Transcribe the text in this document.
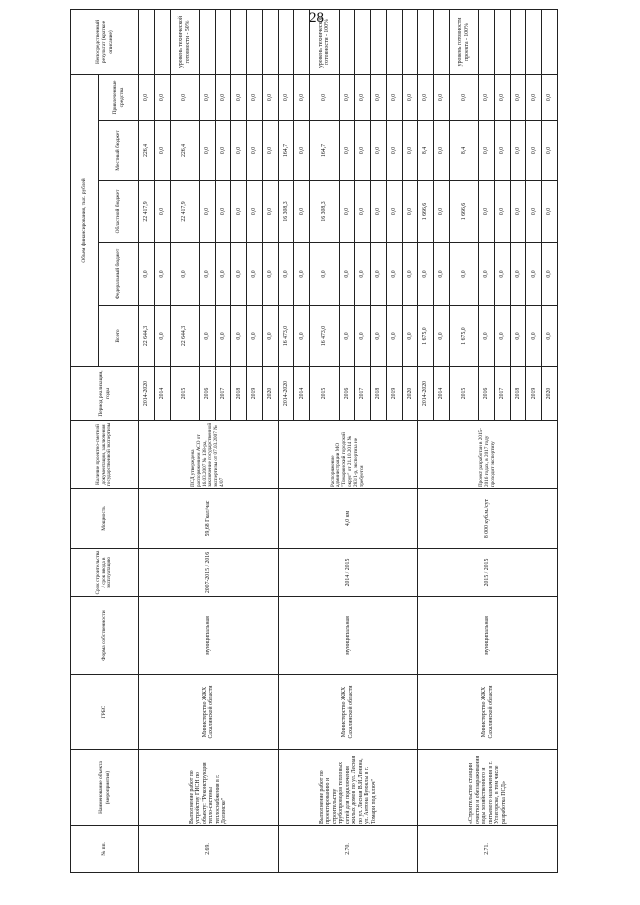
28
№ пп.	Наименование объекта (мероприятия)	ГРБС	Форма собственности	Срок строительства / срок ввода в эксплуатацию	Мощность	Наличие проектно-сметной документации, заключения государственной экспертизы	Период реализации, годы	Объем финансирования, тыс. рублей					Непосредственный результат (краткое описание)
								Всего	Федеральный бюджет	Областной бюджет	Местный бюджет	Привлеченные средства	
2.69.	Выполнение работ по устройству ГИСН по объекту: "Реконструкция тепло-системы теплоснабжения в г. Долинске"	Министерство ЖКХ Сахалинской области	муниципальная	2007-2015 / 2016	59,68 Гкал/час	ПСД утверждена распоряжением АСО от 16.03.2007 № 138-ра, заключение государственной экспертизы от 07.03.2007 № 4/07	2014-2020	22 644,3	0,0	22 417,9	226,4	0,0	
							2014	0,0	0,0	0,0	0,0	0,0	
							2015	22 644,3	0,0	22 417,9	226,4	0,0	уровень технической готовности - 50%
							2016	0,0	0,0	0,0	0,0	0,0	
							2017	0,0	0,0	0,0	0,0	0,0	
							2018	0,0	0,0	0,0	0,0	0,0	
							2019	0,0	0,0	0,0	0,0	0,0	
							2020	0,0	0,0	0,0	0,0	0,0	
2.70.	Выполнение работ по проектированию и строительству трубопроводов тепловых сетей для подключения жилых домов по ул. Лесная по ул. Лесная В.И.Ленина, ул. Антона Буюклы в г. Томари под ключ"	Министерство ЖКХ Сахалинской области	муниципальная	2014 / 2015	4,0 км	Распоряжение администрации МО "Томаринский городской округ" от 21.10.2014 № 283/1-р, экспертиза не требуется	2014-2020	16 473,0	0,0	16 308,3	164,7	0,0	
							2014	0,0	0,0	0,0	0,0	0,0	
							2015	16 473,0	0,0	16 308,3	164,7	0,0	уровень технической готовности - 100%
							2016	0,0	0,0	0,0	0,0	0,0	
							2017	0,0	0,0	0,0	0,0	0,0	
							2018	0,0	0,0	0,0	0,0	0,0	
							2019	0,0	0,0	0,0	0,0	0,0	
							2020	0,0	0,0	0,0	0,0	0,0	
2.71.	«Строительство станции очистки и обеззараживания воды хозяйственного и питьевого назначения в г. Углегорске, в том числе разработка ПСД»	Министерство ЖКХ Сахалинской области	муниципальная	2015 / 2015	8 000 куб.м./сут	Проект разработан в 2015-2016 годах, в 2017 году проходит экспертизу	2014-2020	1 675,0	0,0	1 666,6	8,4	0,0	
							2014	0,0	0,0	0,0	0,0	0,0	
							2015	1 675,0	0,0	1 666,6	8,4	0,0	уровень готовности проекта - 100%
							2016	0,0	0,0	0,0	0,0	0,0	
							2017	0,0	0,0	0,0	0,0	0,0	
							2018	0,0	0,0	0,0	0,0	0,0	
							2019	0,0	0,0	0,0	0,0	0,0	
							2020	0,0	0,0	0,0	0,0	0,0	
